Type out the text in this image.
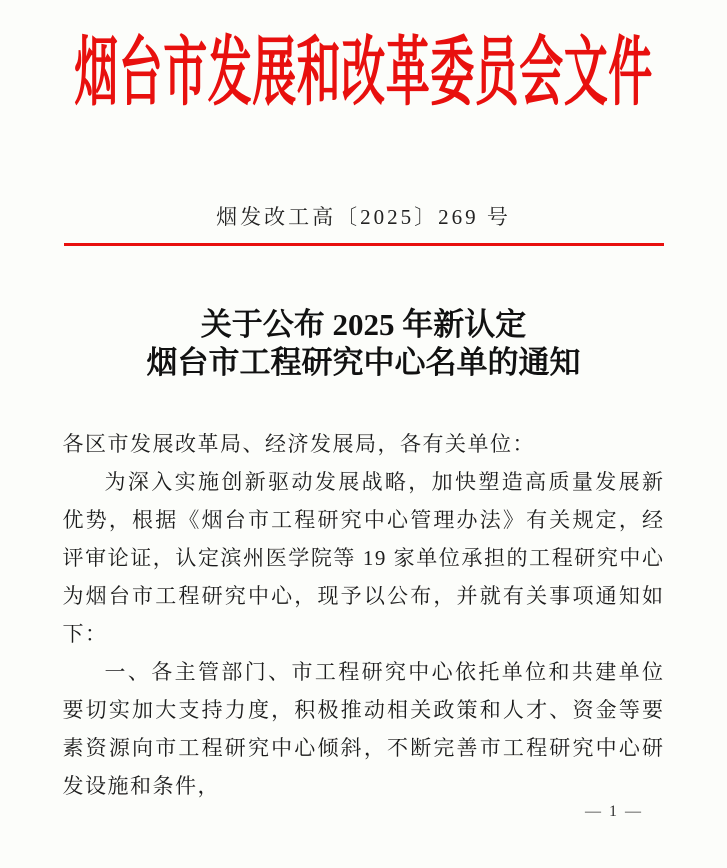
烟台市发展和改革委员会文件
烟发改工高〔2025〕269 号
关于公布 2025 年新认定
烟台市工程研究中心名单的通知

各区市发展改革局、经济发展局，各有关单位：

为深入实施创新驱动发展战略，加快塑造高质量发展新优势，根据《烟台市工程研究中心管理办法》有关规定，经评审论证，认定滨州医学院等 19 家单位承担的工程研究中心为烟台市工程研究中心，现予以公布，并就有关事项通知如下：

一、各主管部门、市工程研究中心依托单位和共建单位要切实加大支持力度，积极推动相关政策和人才、资金等要素资源向市工程研究中心倾斜，不断完善市工程研究中心研发设施和条件，

— 1 —
